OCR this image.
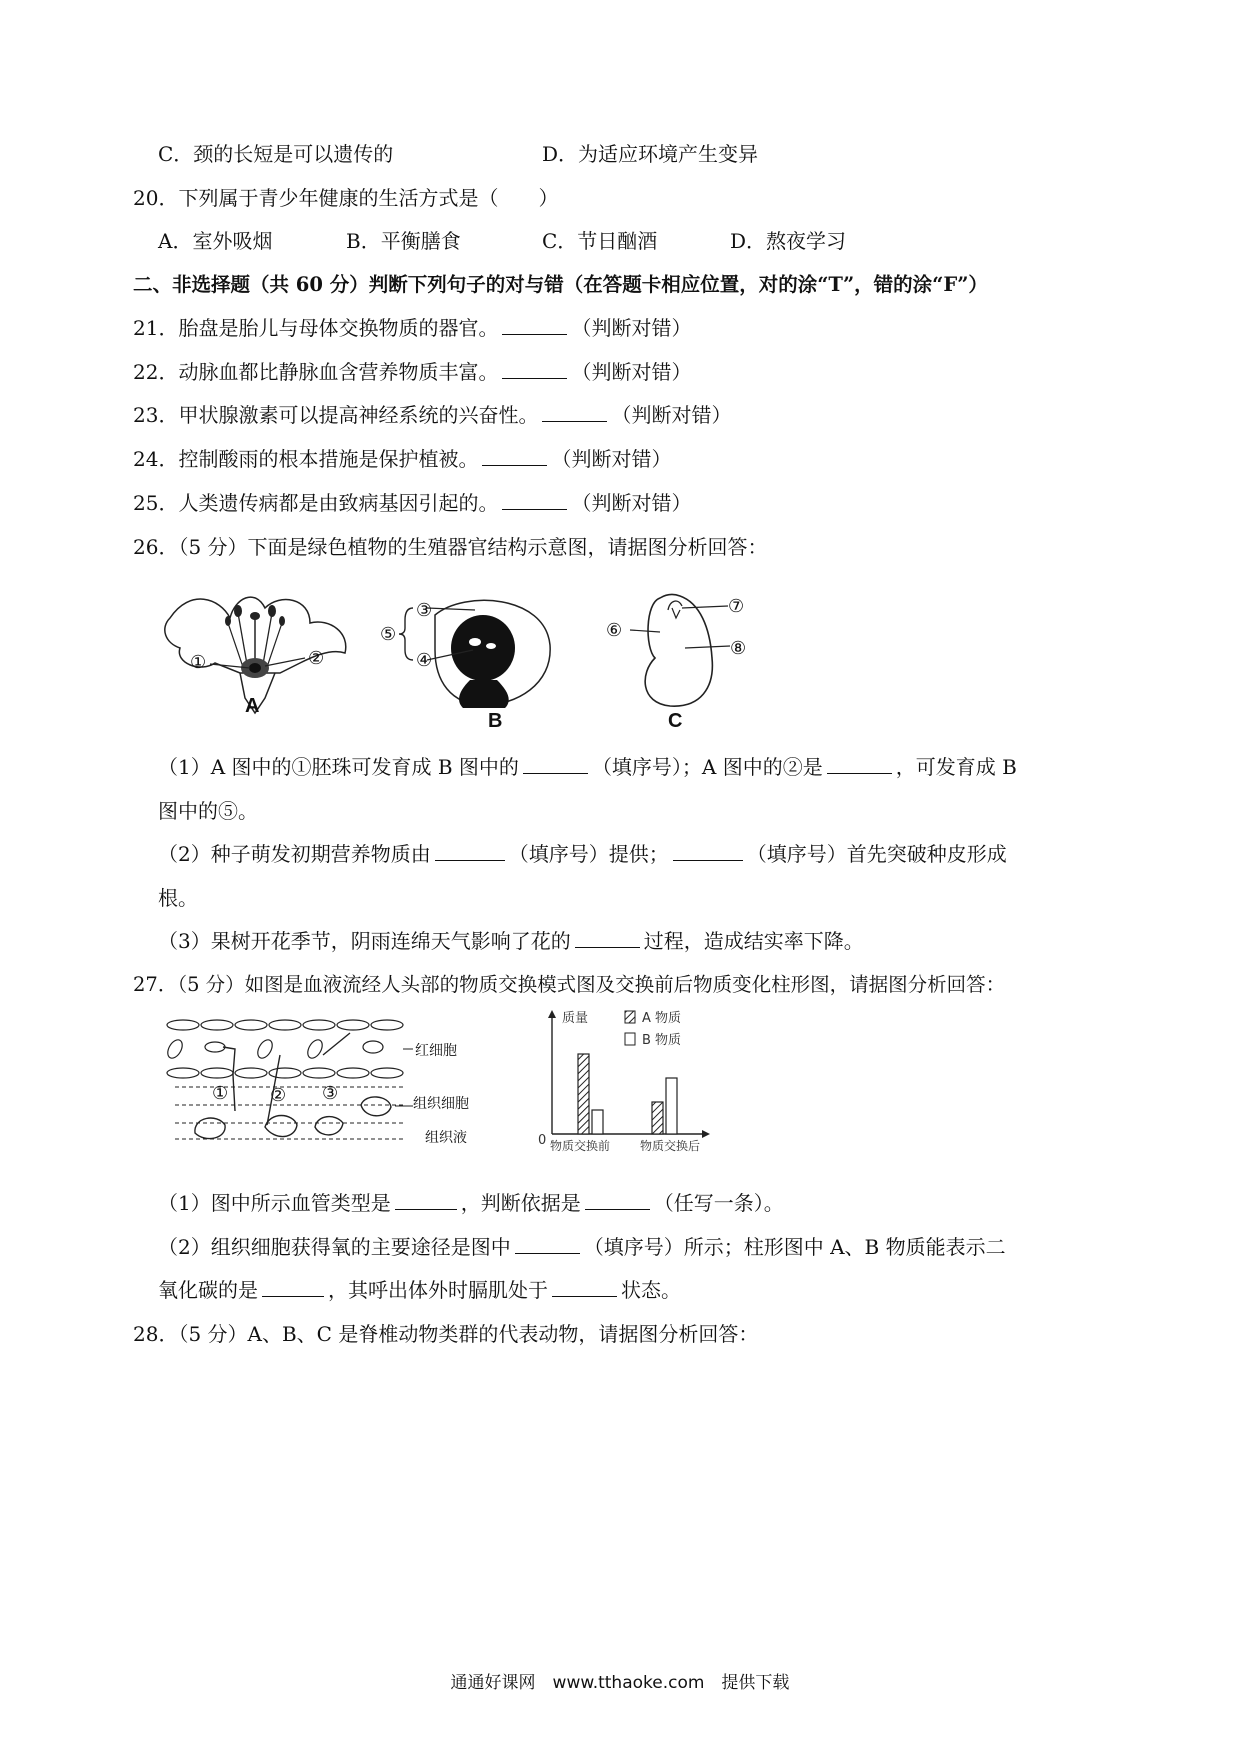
C．颈的长短是可以遗传的	D．为适应环境产生变异
20．下列属于青少年健康的生活方式是（　　）
A．室外吸烟	B．平衡膳食	C．节日酗酒	D．熬夜学习
二、非选择题（共 60 分）判断下列句子的对与错（在答题卡相应位置，对的涂“T”，错的涂“F”）
21．胎盘是胎儿与母体交换物质的器官。	（判断对错）
22．动脉血都比静脉血含营养物质丰富。	（判断对错）
23．甲状腺激素可以提高神经系统的兴奋性。	（判断对错）
24．控制酸雨的根本措施是保护植被。	（判断对错）
25．人类遗传病都是由致病基因引起的。	（判断对错）
26．（5 分）下面是绿色植物的生殖器官结构示意图，请据图分析回答：
①	②
A
③
④
⑤
B
⑥
⑦
⑧
C
（1）A 图中的①胚珠可发育成 B 图中的	（填序号）；A 图中的②是	，可发育成 B
图中的⑤。
（2）种子萌发初期营养物质由	（填序号）提供；	（填序号）首先突破种皮形成
根。
（3）果树开花季节，阴雨连绵天气影响了花的	过程，造成结实率下降。
27．（5 分）如图是血液流经人头部的物质交换模式图及交换前后物质变化柱形图，请据图分析回答：
① ② ③
红细胞
组织细胞
组织液
质量
0
A 物质
B 物质
物质交换前 物质交换后
（1）图中所示血管类型是	，判断依据是	（任写一条）。
（2）组织细胞获得氧的主要途径是图中	（填序号）所示；柱形图中 A、B 物质能表示二
氧化碳的是	，其呼出体外时膈肌处于	状态。
28．（5 分）A、B、C 是脊椎动物类群的代表动物，请据图分析回答：
通通好课网　www.tthaoke.com　提供下载
